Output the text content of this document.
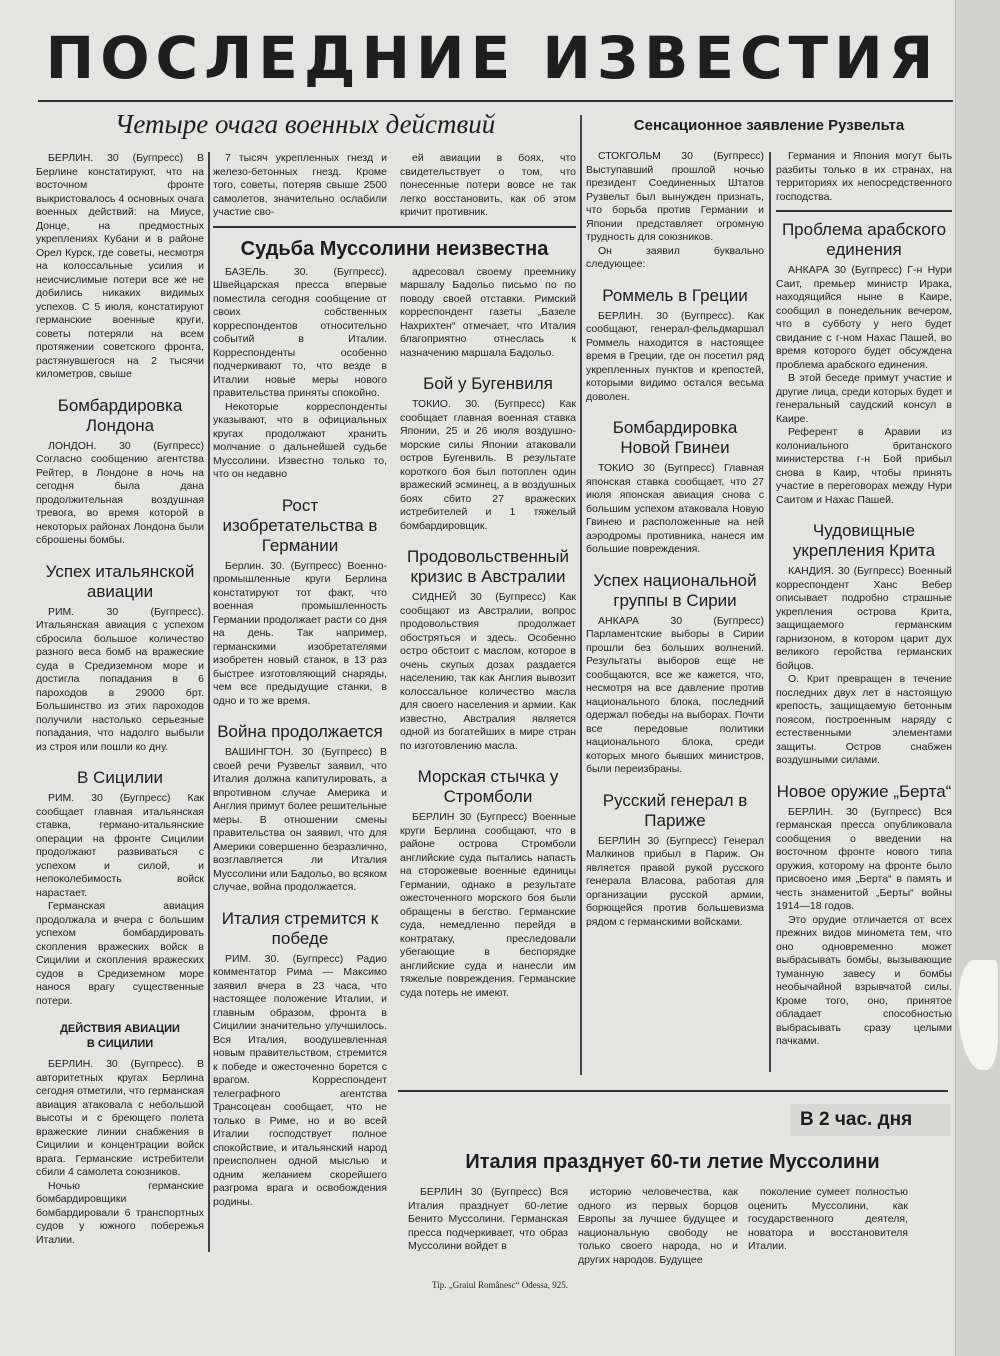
ПОСЛЕДНИЕ ИЗВЕСТИЯ
Четыре очага военных действий

БЕРЛИН. 30 (Бугпресс) В Берлине констатируют, что на восточном фронте выкристовалось 4 основных очага военных действий: на Миусе, Донце, на предмостных укреплениях Кубани и в районе Орел Курск, где советы, несмотря на колоссальные усилия и неисчислимые потери все же не добились никаких видимых успехов. С 5 июля, констатируют германские военные круги, советы потеряли на всем протяжении советского фронта, растянувшегося на 2 тысячи километров, свыше

Бомбардировка Лондона

ЛОНДОН. 30 (Бугпресс) Согласно сообщению агентства Рейтер, в Лондоне в ночь на сегодня была дана продолжительная воздушная тревога, во время которой в некоторых районах Лондона были сброшены бомбы.

Успех итальянской авиации

РИМ. 30 (Бугпресс). Итальянская авиация с успехом сбросила большое количество разного веса бомб на вражеские суда в Средиземном море и достигла попадания в 6 пароходов в 29000 брт. Большинство из этих пароходов получили настолько серьезные попадания, что надолго выбыли из строя или пошли ко дну.

В Сицилии

РИМ. 30 (Бугпресс) Как сообщает главная итальянская ставка, германо-итальянские операции на фронте Сицилии продолжают развиваться с успехом и силой, и непоколебимость войск нарастает.

Германская авиация продолжала и вчера с большим успехом бомбардировать скопления вражеских войск в Сицилии и скопления вражеских судов в Средиземном море нанося врагу существенные потери.

ДЕЙСТВИЯ АВИАЦИИ В СИЦИЛИИ

БЕРЛИН. 30 (Бугпресс). В авторитетных кругах Берлина сегодня отметили, что германская авиация атаковала с небольшой высоты и с бреющего полета вражеские линии снабжения в Сицилии и концентрации войск врага. Германские истребители сбили 4 самолета союзников.

Ночью германские бомбардировщики бомбардировали 6 транспортных судов у южного побережья Италии.

7 тысяч укрепленных гнезд и железо-бетонных гнезд. Кроме того, советы, потеряв свыше 2500 самолетов, значительно ослабили участие сво-

ей авиации в боях, что свидетельствует о том, что понесенные потери вовсе не так легко восстановить, как об этом кричит противник.

Судьба Муссолини неизвестна

БАЗЕЛЬ. 30. (Бугпресс). Швейцарская пресса впервые поместила сегодня сообщение от своих собственных корреспондентов относительно событий в Италии. Корреспонденты особенно подчеркивают то, что везде в Италии новые меры нового правительства приняты спокойно.

Некоторые корреспонденты указывают, что в официальных кругах продолжают хранить молчание о дальнейшей судьбе Муссолини. Известно только то, что он недавно

Рост изобретательства в Германии

Берлин. 30. (Бугпресс) Военно-промышленные круги Берлина констатируют тот факт, что военная промышленность Германии продолжает расти со дня на день. Так например, германскими изобретателями изобретен новый станок, в 13 раз быстрее изготовляющий снаряды, чем все предыдущие станки, в одно и то же время.

Война продолжается

ВАШИНГТОН. 30 (Бугпресс) В своей речи Рузвельт заявил, что Италия должна капитулировать, а впротивном случае Америка и Англия примут более решительные меры. В отношении смены правительства он заявил, что для Америки совершенно безразлично, возглавляется ли Италия Муссолини или Бадольо, во всяком случае, война продолжается.

Италия стремится к победе

РИМ. 30. (Бугпресс) Радио комментатор Рима — Максимо заявил вчера в 23 часа, что настоящее положение Италии, и главным образом, фронта в Сицилии значительно улучшилось. Вся Италия, воодушевленная новым правительством, стремится к победе и ожесточенно борется с врагом. Корреспондент телеграфного агентства Трансоцеан сообщает, что не только в Риме, но и во всей Италии господствует полное спокойствие, и итальянский народ преисполнен одной мыслью и одним желанием скорейшего разгрома врага и освобождения родины.

адресовал своему преемнику маршалу Бадольо письмо по по поводу своей отставки. Римский корреспондент газеты „Базеле Нахрихтен“ отмечает, что Италия благоприятно отнеслась к назначению маршала Бадольо.

Бой у Бугенвиля

ТОКИО. 30. (Бугпресс) Как сообщает главная военная ставка Японии, 25 и 26 июля воздушно-морские силы Японии атаковали остров Бугенвиль. В результате короткого боя был потоплен один вражеский эсминец, а в воздушных боях сбито 27 вражеских истребителей и 1 тяжелый бомбардировщик.

Продовольственный кризис в Австралии

СИДНЕЙ 30 (Бугпресс) Как сообщают из Австралии, вопрос продовольствия продолжает обостряться и здесь. Особенно остро обстоит с маслом, которое в очень скупых дозах раздается населению, так как Англия вывозит колоссальное количество масла для своего населения и армии. Как известно, Австралия является одной из богатейших в мире стран по изготовлению масла.

Морская стычка у Стромболи

БЕРЛИН 30 (Бугпресс) Военные круги Берлина сообщают, что в районе острова Стромболи английские суда пытались напасть на сторожевые военные единицы Германии, однако в результате ожесточенного морского боя были обращены в бегство. Германские суда, немедленно перейдя в контратаку, преследовали убегающие в беспорядке английские суда и нанесли им тяжелые повреждения. Германские суда потерь не имеют.

Сенсационное заявление Рузвельта

СТОКГОЛЬМ 30 (Бугпресс) Выступавший прошлой ночью президент Соединенных Штатов Рузвельт был вынужден признать, что борьба против Германии и Японии представляет огромную трудность для союзников.

Он заявил буквально следующее:

Роммель в Греции

БЕРЛИН. 30 (Бугпресс). Как сообщают, генерал-фельдмаршал Роммель находится в настоящее время в Греции, где он посетил ряд укрепленных пунктов и крепостей, которыми видимо остался весьма доволен.

Бомбардировка Новой Гвинеи

ТОКИО 30 (Бугпресс) Главная японская ставка сообщает, что 27 июля японская авиация снова с большим успехом атаковала Новую Гвинею и расположенные на ней аэродромы противника, нанеся им большие повреждения.

Успех национальной группы в Сирии

АНКАРА 30 (Бугпресс) Парламентские выборы в Сирии прошли без больших волнений. Результаты выборов еще не сообщаются, все же кажется, что, несмотря на все давление против национального блока, последний одержал победы на выборах. Почти все передовые политики национального блока, среди которых много бывших министров, были переизбраны.

Русский генерал в Париже

БЕРЛИН 30 (Бугпресс) Генерал Малкинов прибыл в Париж. Он является правой рукой русского генерала Власова, работая для организации русской армии, борющейся против большевизма рядом с германскими войсками.

Германия и Япония могут быть разбиты только в их странах, на территориях их непосредственного господства.

Проблема арабского единения

АНКАРА 30 (Бугпресс) Г-н Нури Саит, премьер министр Ирака, находящийся ныне в Каире, сообщил в понедельник вечером, что в субботу у него будет свидание с г-ном Нахас Пашей, во время которого будет обсуждена проблема арабского единения.

В этой беседе примут участие и другие лица, среди которых будет и генеральный саудский консул в Каире.

Референт в Аравии из колониального британского министерства г-н Бой прибыл снова в Каир, чтобы принять участие в переговорах между Нури Саитом и Нахас Пашей.

Чудовищные укрепления Крита

КАНДИЯ. 30 (Бугпресс) Военный корреспондент Ханс Вебер описывает подробно страшные укрепления острова Крита, защищаемого германским гарнизоном, в котором царит дух великого геройства германских бойцов.

О. Крит превращен в течение последних двух лет в настоящую крепость, защищаемую бетонным поясом, построенным наряду с естественными элементами защиты. Остров снабжен воздушными силами.

Новое оружие „Берта“

БЕРЛИН. 30 (Бугпресс) Вся германская пресса опубликовала сообщения о введении на восточном фронте нового типа оружия, которому на фронте было присвоено имя „Берта“ в память и честь знаменитой „Берты“ войны 1914—18 годов.

Это орудие отличается от всех прежних видов миномета тем, что оно одновременно может выбрасывать бомбы, вызывающие туманную завесу и бомбы необычайной взрывчатой силы. Кроме того, оно, принятое обладает способностью выбрасывать сразу целыми пачками.

В 2 час. дня
Италия празднует 60-ти летие Муссолини

БЕРЛИН 30 (Бугпресс) Вся Италия празднует 60-летие Бенито Муссолини. Германская пресса подчеркивает, что образ Муссолини войдет в

историю человечества, как одного из первых борцов Европы за лучшее будущее и национальную свободу не только своего народа, но и других народов. Будущее

поколение сумеет полностью оценить Муссолини, как государственного деятеля, новатора и восстановителя Италии.

Tip. „Graiul Românesc“ Odessa, 925.
